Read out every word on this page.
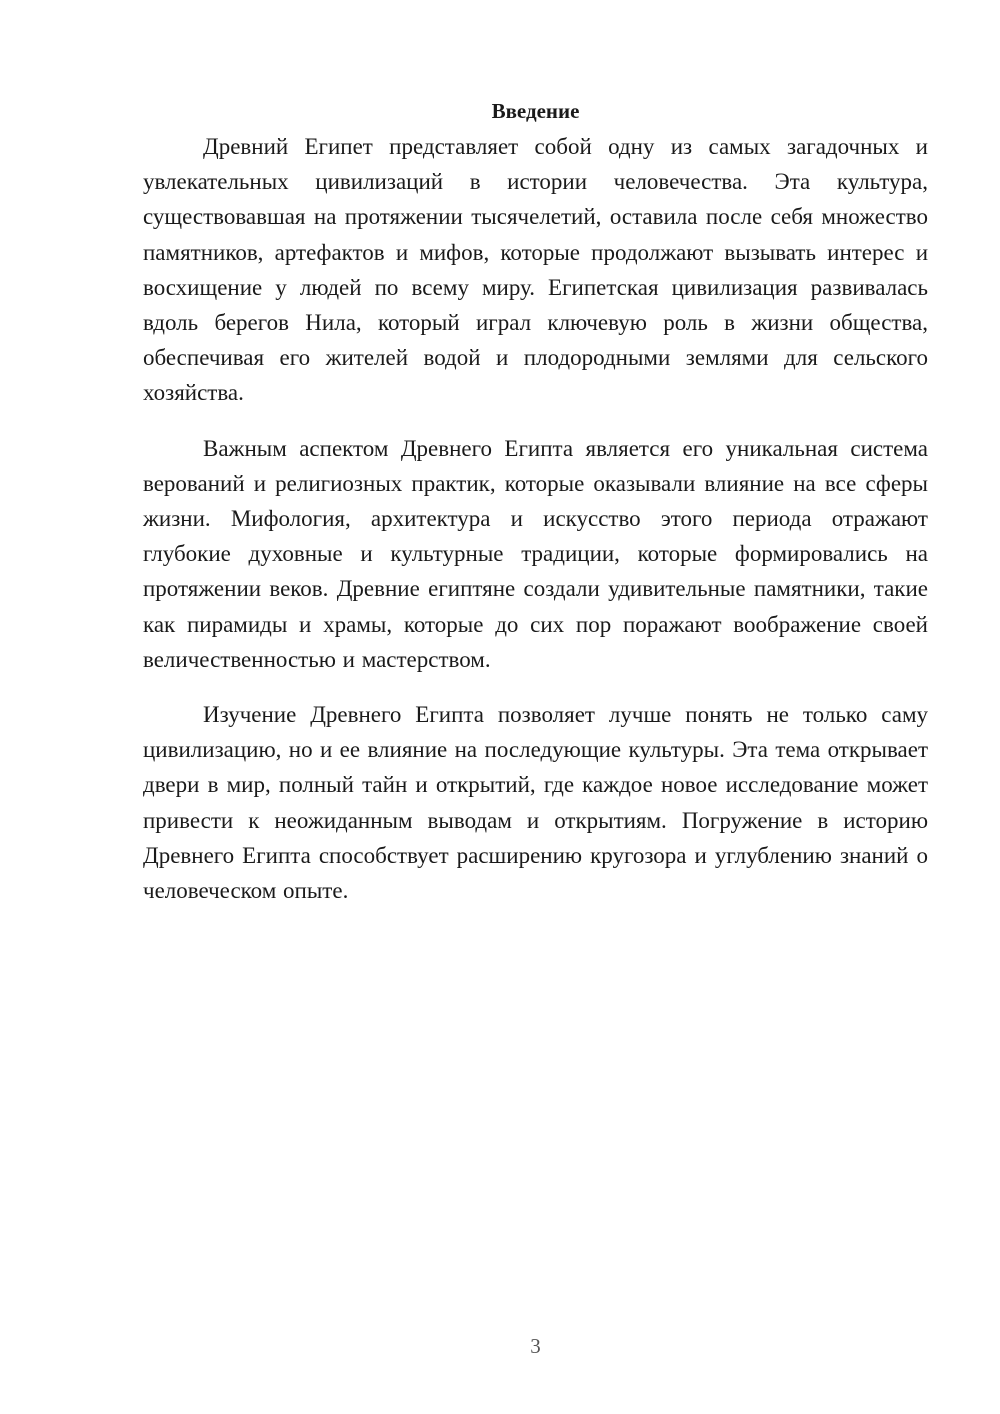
Введение

Древний Египет представляет собой одну из самых загадочных и увлекательных цивилизаций в истории человечества. Эта культура, существовавшая на протяжении тысячелетий, оставила после себя множество памятников, артефактов и мифов, которые продолжают вызывать интерес и восхищение у людей по всему миру. Египетская цивилизация развивалась вдоль берегов Нила, который играл ключевую роль в жизни общества, обеспечивая его жителей водой и плодородными землями для сельского хозяйства.

Важным аспектом Древнего Египта является его уникальная система верований и религиозных практик, которые оказывали влияние на все сферы жизни. Мифология, архитектура и искусство этого периода отражают глубокие духовные и культурные традиции, которые формировались на протяжении веков. Древние египтяне создали удивительные памятники, такие как пирамиды и храмы, которые до сих пор поражают воображение своей величественностью и мастерством.

Изучение Древнего Египта позволяет лучше понять не только саму цивилизацию, но и ее влияние на последующие культуры. Эта тема открывает двери в мир, полный тайн и открытий, где каждое новое исследование может привести к неожиданным выводам и открытиям. Погружение в историю Древнего Египта способствует расширению кругозора и углублению знаний о человеческом опыте.

3
